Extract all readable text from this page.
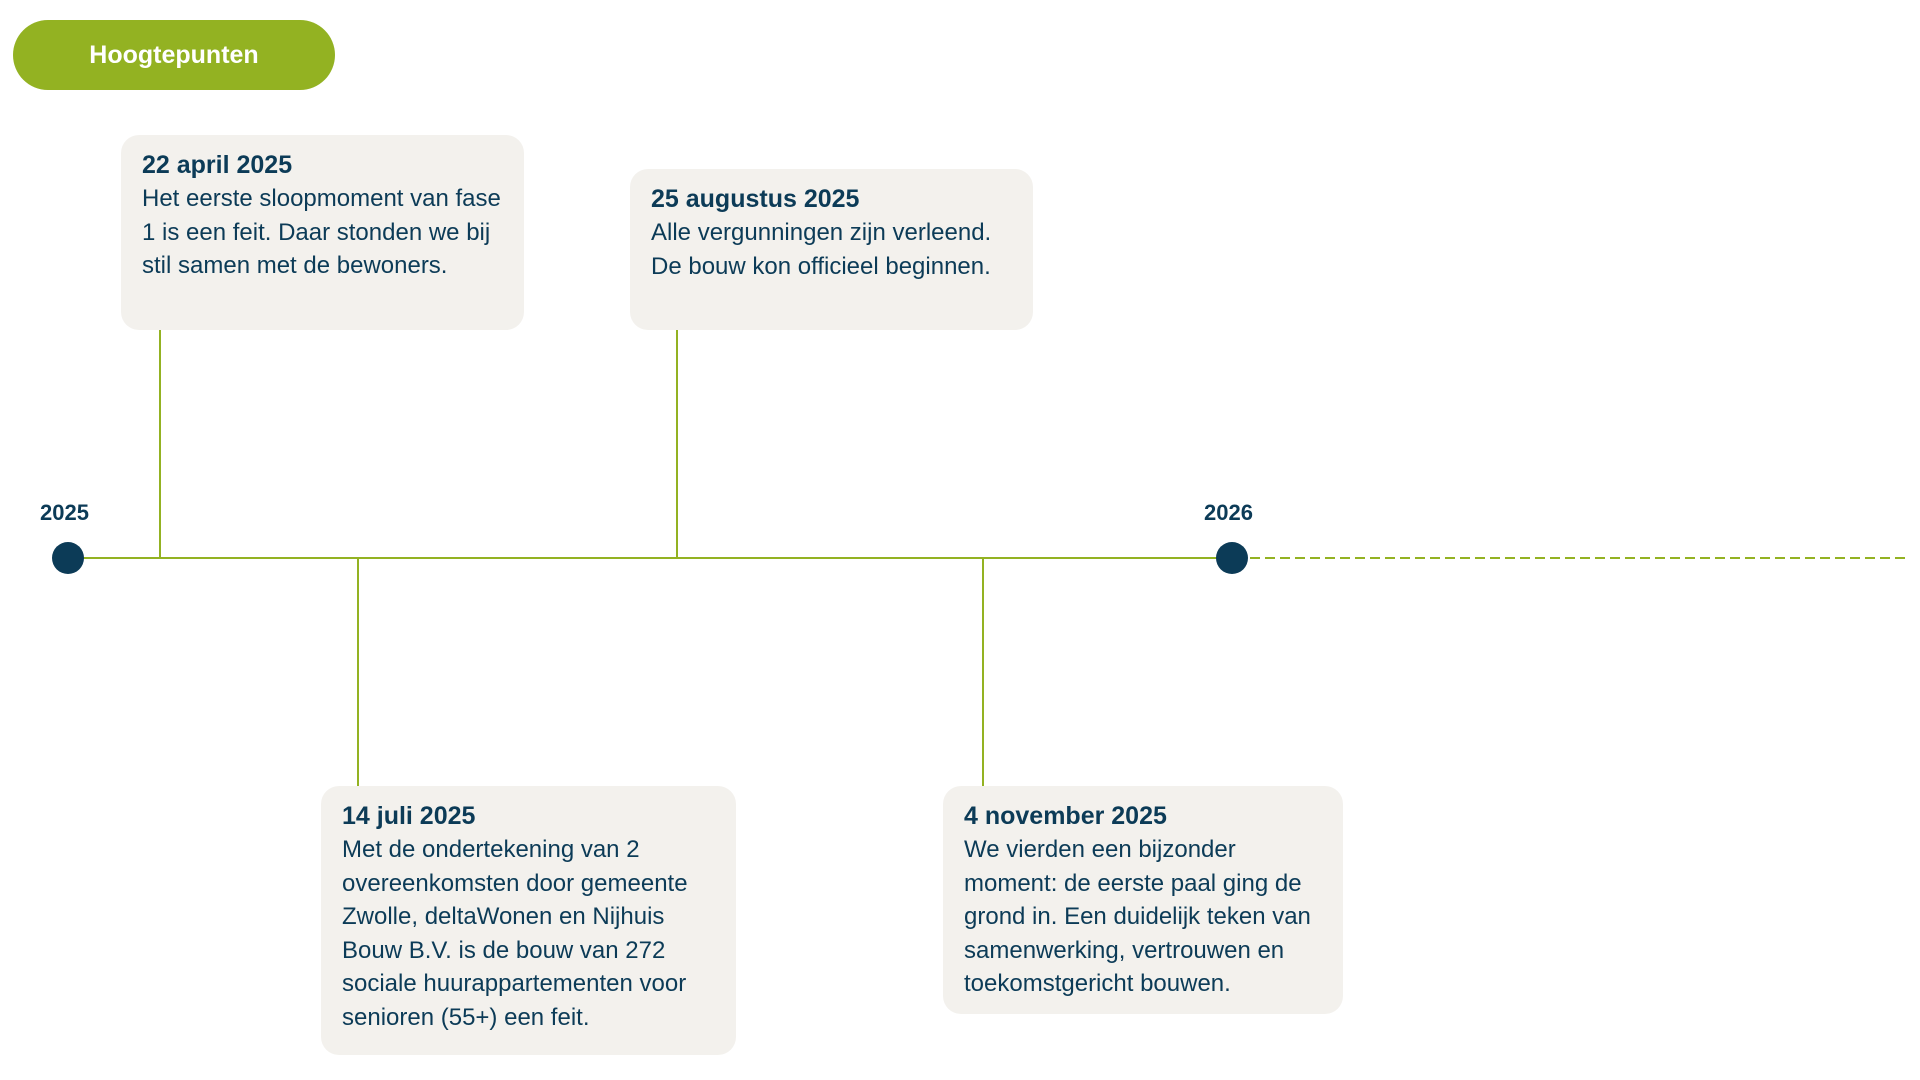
Hoogtepunten
2025	2026
22 april 2025
Het eerste sloopmoment van fase 1 is een feit. Daar stonden we bij stil samen met de bewoners.
25 augustus 2025
Alle vergunningen zijn verleend. De bouw kon officieel beginnen.
14 juli 2025
Met de ondertekening van 2 overeenkomsten door gemeente Zwolle, deltaWonen en Nijhuis Bouw B.V. is de bouw van 272 sociale huurappartementen voor senioren (55+) een feit.
4 november 2025
We vierden een bijzonder moment: de eerste paal ging de grond in. Een duidelijk teken van samenwerking, vertrouwen en toekomstgericht bouwen.
